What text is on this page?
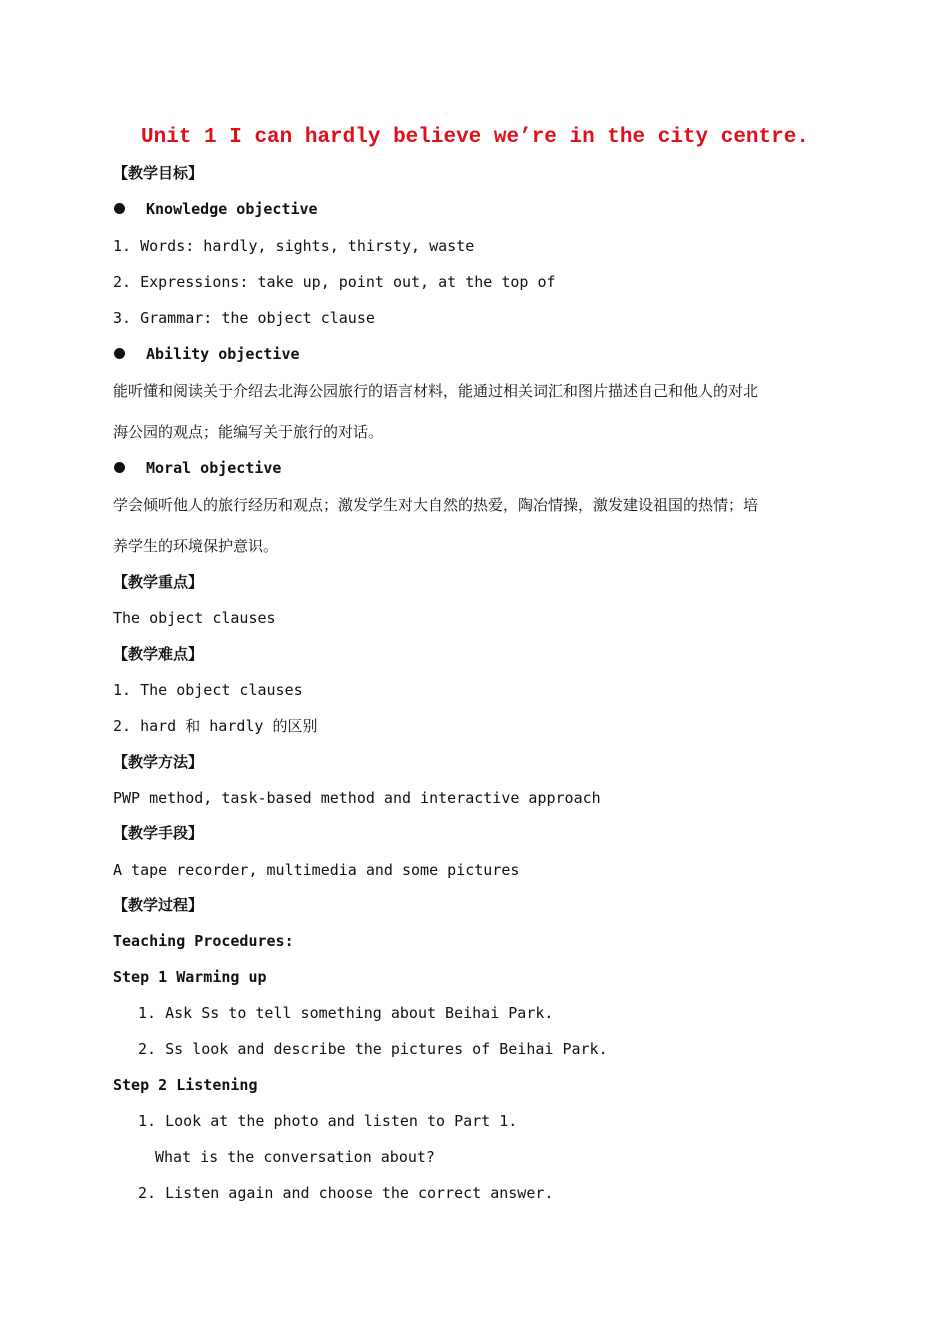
Unit 1 I can hardly believe we’re in the city centre.
【教学目标】
Knowledge objective
1. Words: hardly, sights, thirsty, waste
2. Expressions: take up, point out, at the top of
3. Grammar: the object clause
Ability objective
能听懂和阅读关于介绍去北海公园旅行的语言材料，能通过相关词汇和图片描述自己和他人的对北
海公园的观点；能编写关于旅行的对话。
Moral objective
学会倾听他人的旅行经历和观点；激发学生对大自然的热爱，陶冶情操，激发建设祖国的热情；培
养学生的环境保护意识。
【教学重点】
The object clauses
【教学难点】
1. The object clauses
2. hard 和 hardly 的区别
【教学方法】
PWP method, task-based method and interactive approach
【教学手段】
A tape recorder, multimedia and some pictures
【教学过程】
Teaching Procedures:
Step 1 Warming up
1. Ask Ss to tell something about Beihai Park.
2. Ss look and describe the pictures of Beihai Park.
Step 2 Listening
1. Look at the photo and listen to Part 1.
What is the conversation about?
2. Listen again and choose the correct answer.
